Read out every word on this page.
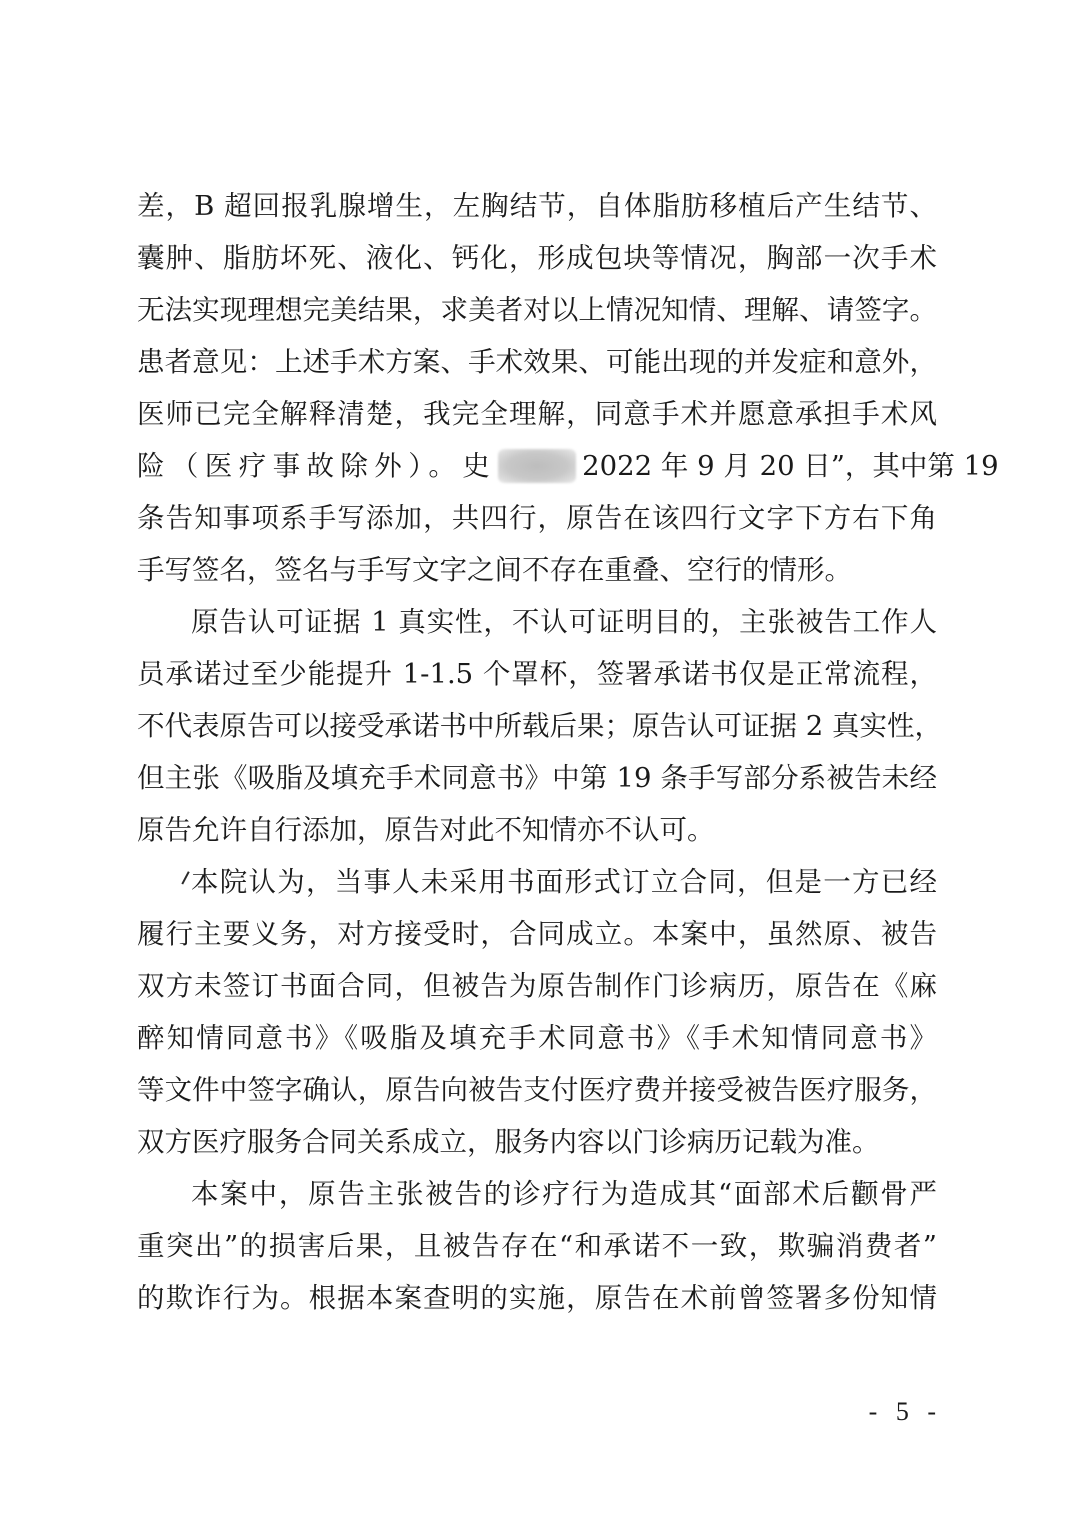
差，B 超回报乳腺增生，左胸结节，自体脂肪移植后产生结节、
囊肿、脂肪坏死、液化、钙化，形成包块等情况，胸部一次手术
无法实现理想完美结果，求美者对以上情况知情、理解、请签字。
患者意见：上述手术方案、手术效果、可能出现的并发症和意外，
医师已完全解释清楚，我完全理解，同意手术并愿意承担手术风
险（医疗事故除外）。史	2022 年 9 月 20 日”，其中第 19
条告知事项系手写添加，共四行，原告在该四行文字下方右下角
手写签名，签名与手写文字之间不存在重叠、空行的情形。
原告认可证据 1 真实性，不认可证明目的，主张被告工作人
员承诺过至少能提升 1-1.5 个罩杯，签署承诺书仅是正常流程，
不代表原告可以接受承诺书中所载后果；原告认可证据 2 真实性，
但主张《吸脂及填充手术同意书》中第 19 条手写部分系被告未经
原告允许自行添加，原告对此不知情亦不认可。
本院认为，当事人未采用书面形式订立合同，但是一方已经
履行主要义务，对方接受时，合同成立。本案中，虽然原、被告
双方未签订书面合同，但被告为原告制作门诊病历，原告在《麻
醉知情同意书》《吸脂及填充手术同意书》《手术知情同意书》
等文件中签字确认，原告向被告支付医疗费并接受被告医疗服务，
双方医疗服务合同关系成立，服务内容以门诊病历记载为准。
本案中，原告主张被告的诊疗行为造成其“面部术后颧骨严
重突出”的损害后果，且被告存在“和承诺不一致，欺骗消费者”
的欺诈行为。根据本案查明的实施，原告在术前曾签署多份知情
- 5 -
